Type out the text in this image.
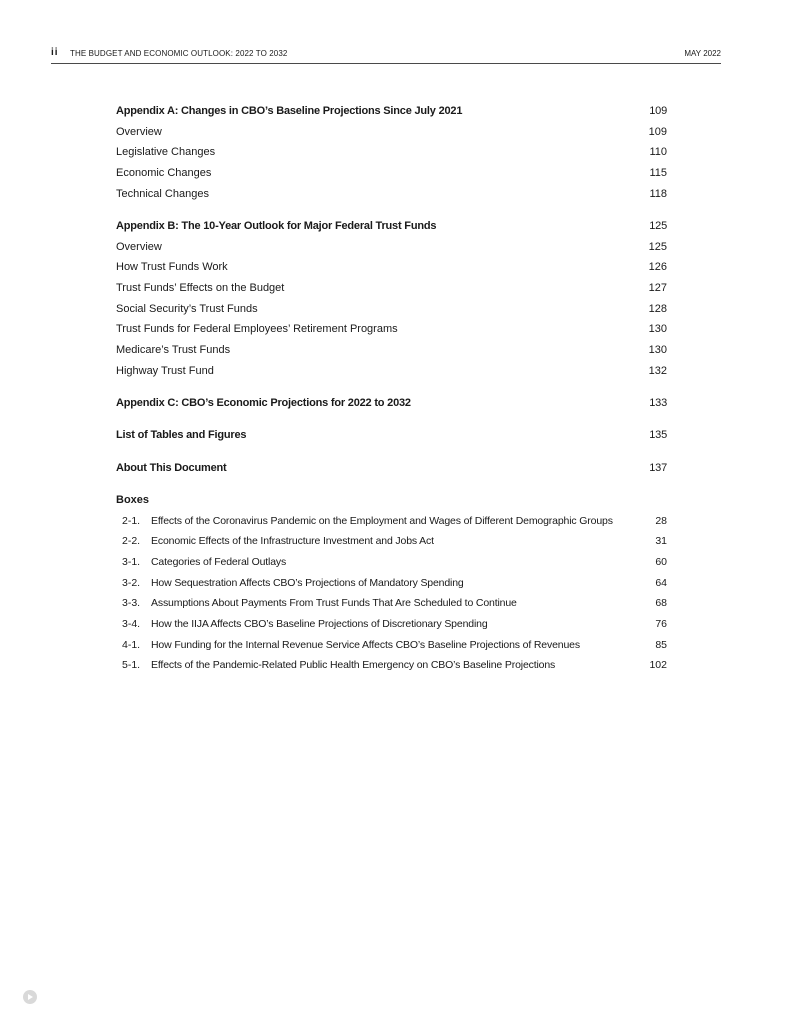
ii THE BUDGET AND ECONOMIC OUTLOOK: 2022 TO 2032	MAY 2022
Appendix A: Changes in CBO’s Baseline Projections Since July 2021	109
Overview	109
Legislative Changes	110
Economic Changes	115
Technical Changes	118
Appendix B: The 10-Year Outlook for Major Federal Trust Funds	125
Overview	125
How Trust Funds Work	126
Trust Funds’ Effects on the Budget	127
Social Security’s Trust Funds	128
Trust Funds for Federal Employees’ Retirement Programs	130
Medicare’s Trust Funds	130
Highway Trust Fund	132
Appendix C: CBO’s Economic Projections for 2022 to 2032	133
List of Tables and Figures	135
About This Document	137
Boxes
2-1. Effects of the Coronavirus Pandemic on the Employment and Wages of Different Demographic Groups	28
2-2. Economic Effects of the Infrastructure Investment and Jobs Act	31
3-1. Categories of Federal Outlays	60
3-2. How Sequestration Affects CBO’s Projections of Mandatory Spending	64
3-3. Assumptions About Payments From Trust Funds That Are Scheduled to Continue	68
3-4. How the IIJA Affects CBO’s Baseline Projections of Discretionary Spending	76
4-1. How Funding for the Internal Revenue Service Affects CBO’s Baseline Projections of Revenues	85
5-1. Effects of the Pandemic-Related Public Health Emergency on CBO’s Baseline Projections	102
